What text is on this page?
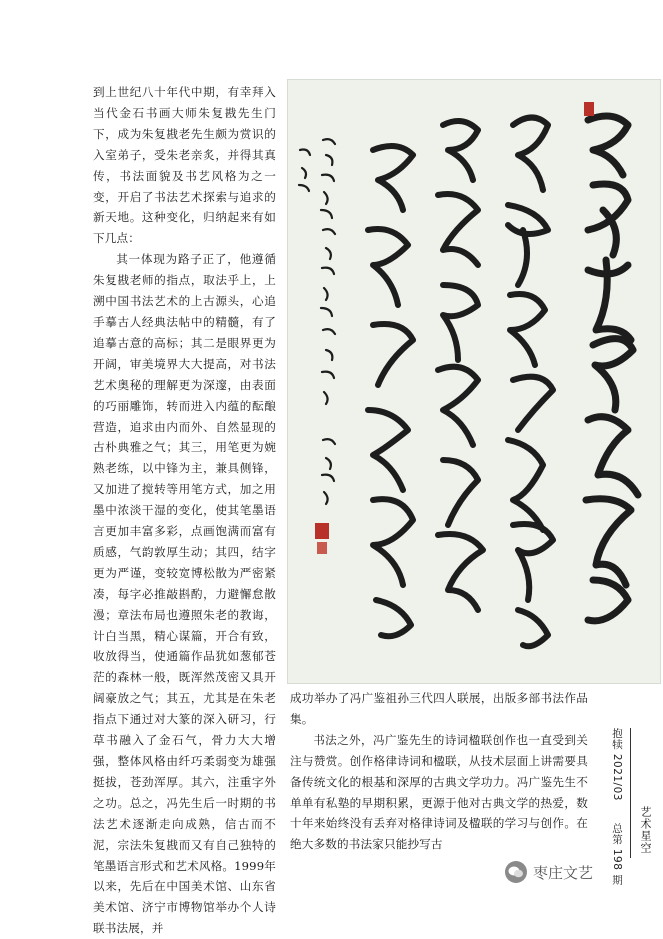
到上世纪八十年代中期，有幸拜入当代金石书画大师朱复戡先生门下，成为朱复戡老先生颇为赏识的入室弟子，受朱老亲炙，并得其真传，书法面貌及书艺风格为之一变，开启了书法艺术探索与追求的新天地。这种变化，归纳起来有如下几点：

其一体现为路子正了，他遵循朱复戡老师的指点，取法乎上，上溯中国书法艺术的上古源头，心追手摹古人经典法帖中的精髓，有了追摹古意的高标；其二是眼界更为开阔，审美境界大大提高，对书法艺术奥秘的理解更为深邃，由表面的巧丽雕饰，转而进入内蕴的酝酿营造，追求由内而外、自然显现的古朴典雅之气；其三，用笔更为婉熟老练，以中锋为主，兼具侧锋，又加进了搅转等用笔方式，加之用墨中浓淡干湿的变化，使其笔墨语言更加丰富多彩，点画饱满而富有质感，气韵敦厚生动；其四，结字更为严谨，变较宽博松散为严密紧凑，每字必推敲斟酌，力避懈怠散漫；章法布局也遵照朱老的教诲，计白当黑，精心谋篇，开合有致，收放得当，使通篇作品犹如葱郁苍茫的森林一般，既浑然茂密又具开阔豪放之气；其五，尤其是在朱老指点下通过对大篆的深入研习，行草书融入了金石气，骨力大大增强，整体风格由纤巧柔弱变为雄强挺拔，苍劲浑厚。其六，注重字外之功。总之，冯先生后一时期的书法艺术逐渐走向成熟，信古而不泥，宗法朱复戡而又有自己独特的笔墨语言形式和艺术风格。1999年以来，先后在中国美术馆、山东省美术馆、济宁市博物馆举办个人诗联书法展，并

成功举办了冯广鉴祖孙三代四人联展，出版多部书法作品集。

书法之外，冯广鉴先生的诗词楹联创作也一直受到关注与赞赏。创作格律诗词和楹联，从技术层面上讲需要具备传统文化的根基和深厚的古典文学功力。冯广鉴先生不单单有私塾的早期积累，更源于他对古典文学的热爱，数十年来始终没有丢弃对格律诗词及楹联的学习与创作。在绝大多数的书法家只能抄写古

抱犊 2021/03  总第 198 期 艺术星空
枣庄文艺
